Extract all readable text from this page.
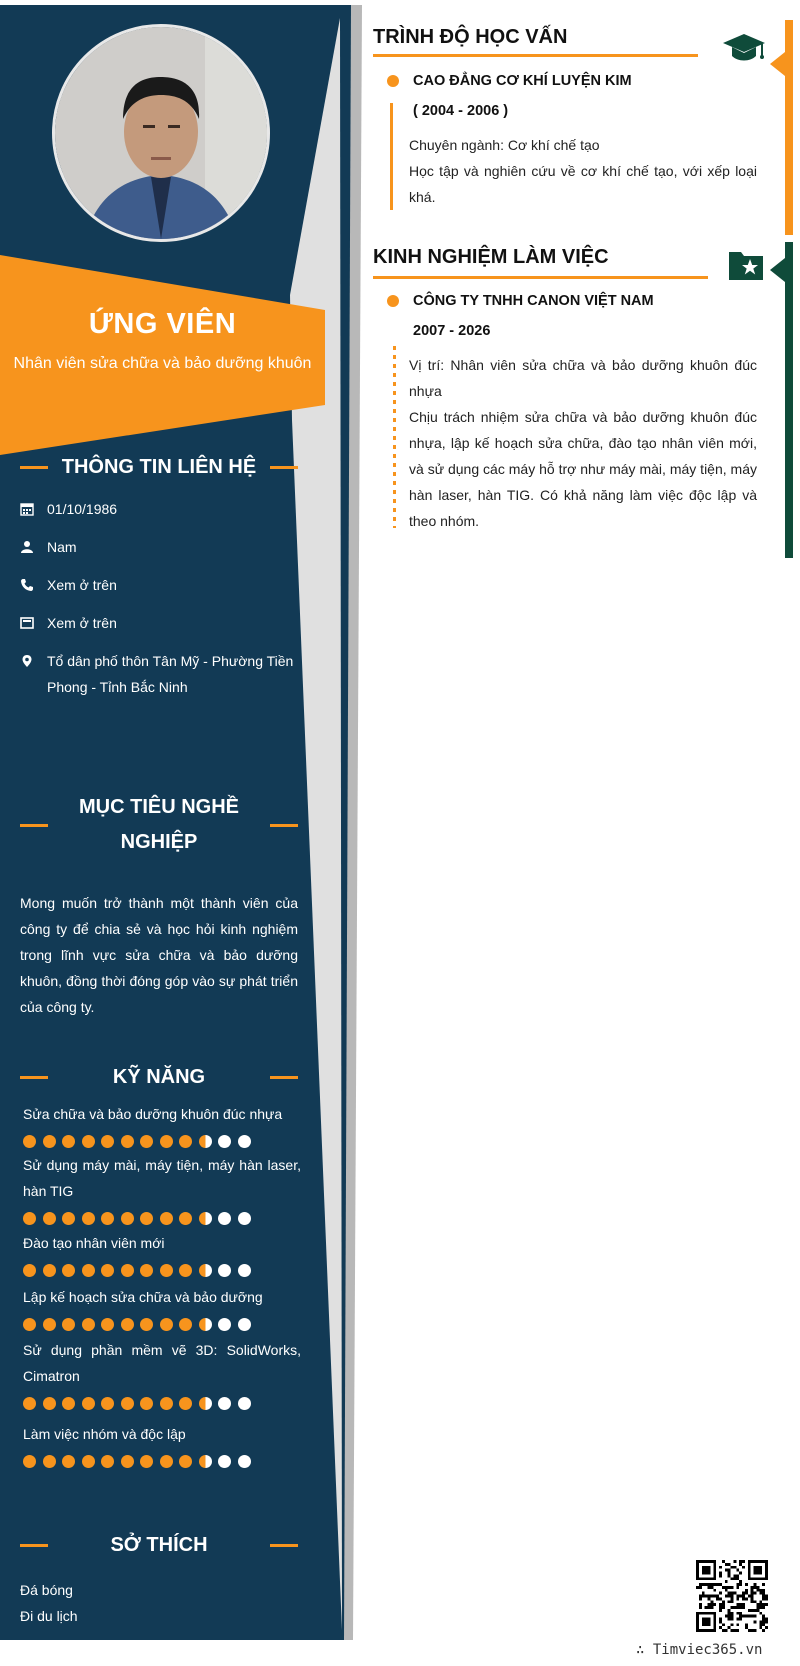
ỨNG VIÊN
Nhân viên sửa chữa và bảo dưỡng khuôn
THÔNG TIN LIÊN HỆ
01/10/1986
Nam
Xem ở trên
Xem ở trên
Tổ dân phố thôn Tân Mỹ - Phường Tiền Phong - Tỉnh Bắc Ninh
MỤC TIÊU NGHỀ NGHIỆP
Mong muốn trở thành một thành viên của công ty để chia sẻ và học hỏi kinh nghiệm trong lĩnh vực sửa chữa và bảo dưỡng khuôn, đồng thời đóng góp vào sự phát triển của công ty.
KỸ NĂNG
Sửa chữa và bảo dưỡng khuôn đúc nhựa
Sử dụng máy mài, máy tiện, máy hàn laser, hàn TIG
Đào tạo nhân viên mới
Lập kế hoạch sửa chữa và bảo dưỡng
Sử dụng phần mềm vẽ 3D: SolidWorks, Cimatron
Làm việc nhóm và độc lập
SỞ THÍCH
Đá bóng
Đi du lịch
TRÌNH ĐỘ HỌC VẤN
CAO ĐẲNG CƠ KHÍ LUYỆN KIM
( 2004 - 2006 )
Chuyên ngành: Cơ khí chế tạo
Học tập và nghiên cứu về cơ khí chế tạo, với xếp loại khá.
KINH NGHIỆM LÀM VIỆC
CÔNG TY TNHH CANON VIỆT NAM
2007 - 2026
Vị trí: Nhân viên sửa chữa và bảo dưỡng khuôn đúc nhựa
Chịu trách nhiệm sửa chữa và bảo dưỡng khuôn đúc nhựa, lập kế hoạch sửa chữa, đào tạo nhân viên mới, và sử dụng các máy hỗ trợ như máy mài, máy tiện, máy hàn laser, hàn TIG. Có khả năng làm việc độc lập và theo nhóm.
∴ Timviec365.vn
